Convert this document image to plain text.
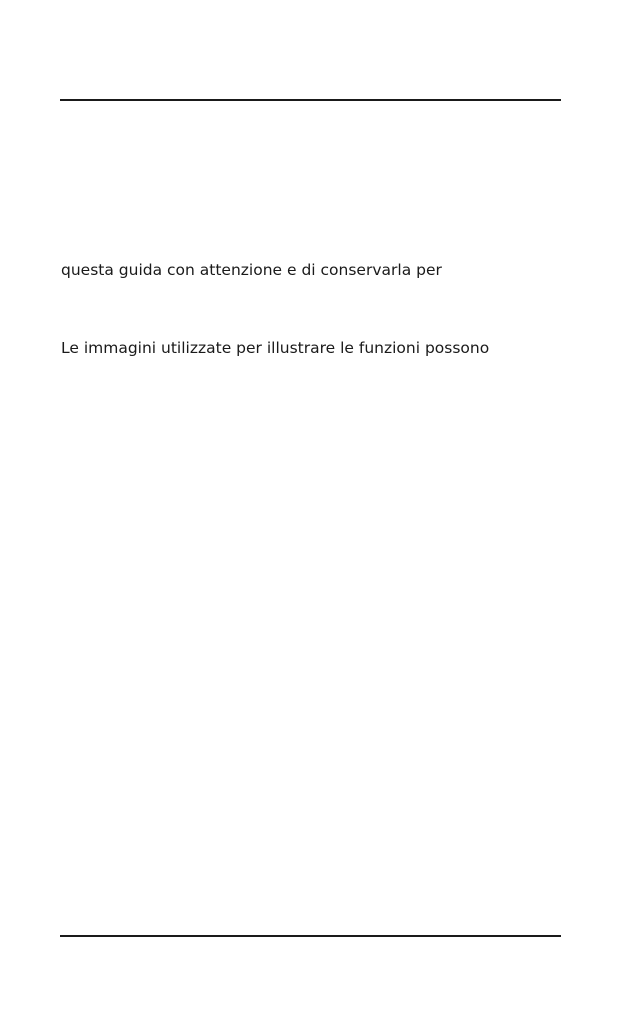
questa guida con attenzione e di conservarla per
Le immagini utilizzate per illustrare le funzioni possono
